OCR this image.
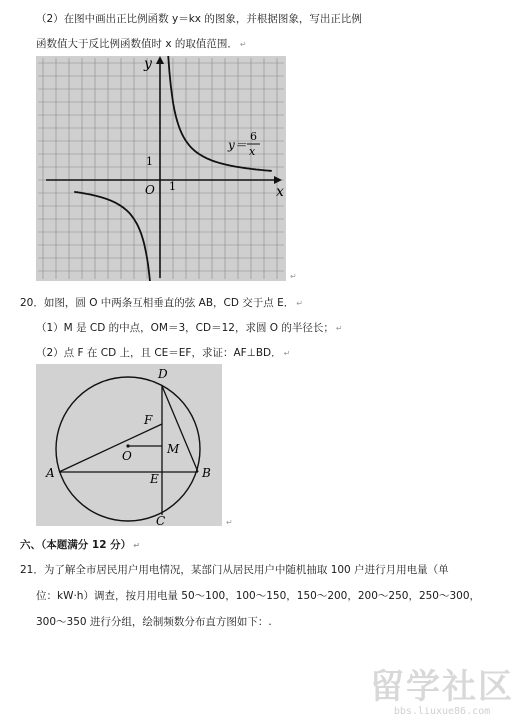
（2）在图中画出正比例函数 y＝kx 的图象，并根据图象，写出正比例
函数值大于反比例函数值时 x 的取值范围． ↵
x
y
O 1
1
y＝
6
x
↵
20．如图，圆 O 中两条互相垂直的弦 AB，CD 交于点 E． ↵
（1）M 是 CD 的中点，OM＝3，CD＝12，求圆 O 的半径长； ↵
（2）点 F 在 CD 上，且 CE＝EF，求证：AF⊥BD． ↵
D
F
M
O
A	E	B
C	↵
六、（本题满分 12 分） ↵
21．为了解全市居民用户用电情况，某部门从居民用户中随机抽取 100 户进行月用电量（单
位：kW·h）调查，按月用电量 50～100，100～150，150～200，200～250，250～300，
300～350 进行分组，绘制频数分布直方图如下：.
留学社区
bbs.liuxue86.com
